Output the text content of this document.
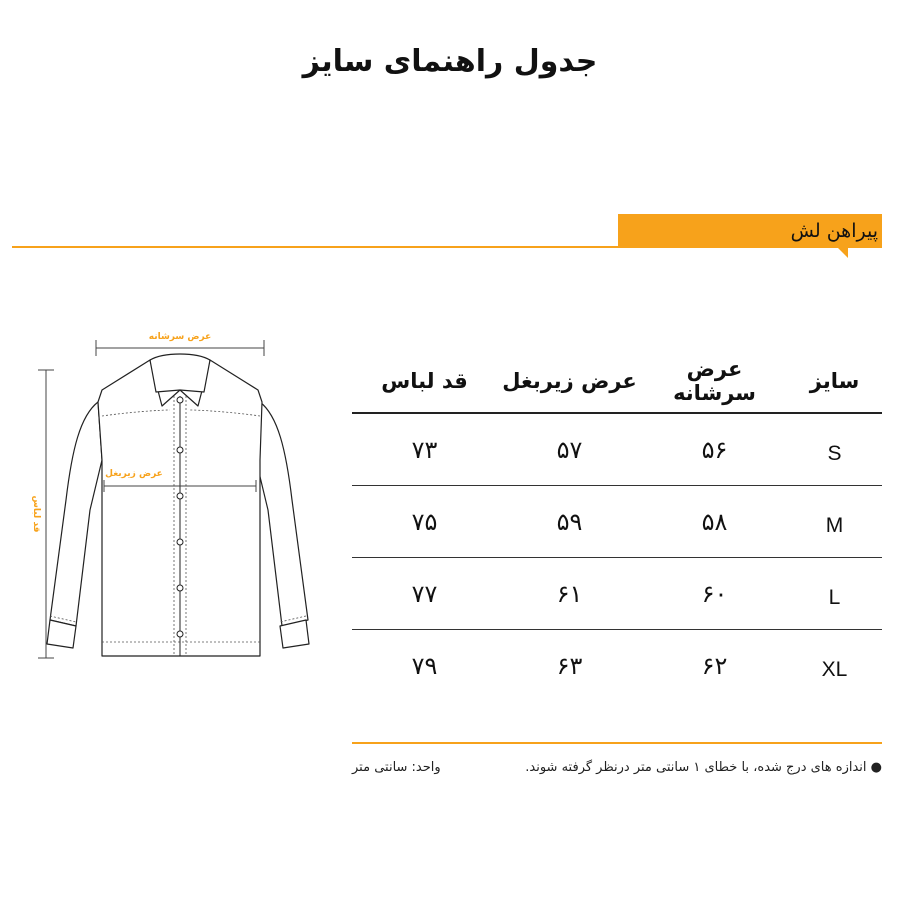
جدول راهنمای سایز
پیراهن لش
عرض سرشانه
قد لباس
عرض زیربغل
سایز	عرض سرشانه	عرض زیربغل	قد لباس
S	۵۶	۵۷	۷۳
M	۵۸	۵۹	۷۵
L	۶۰	۶۱	۷۷
XL	۶۲	۶۳	۷۹
● اندازه های درج شده، با خطای ۱ سانتی متر درنظر گرفته شوند.
واحد: سانتی متر
